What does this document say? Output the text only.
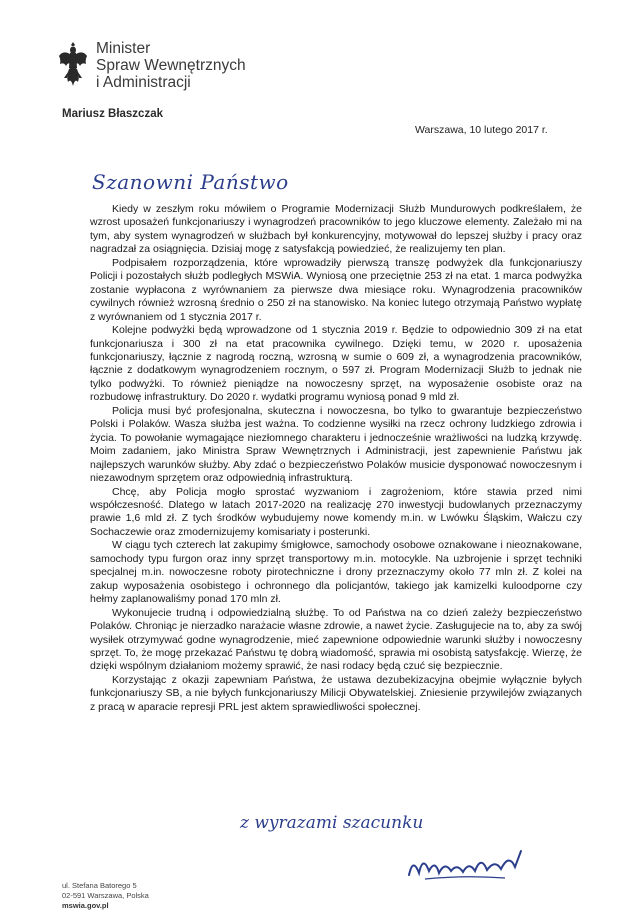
Minister
Spraw Wewnętrznych
i Administracji
Mariusz Błaszczak
Warszawa, 10 lutego 2017 r.
Szanowni Państwo

Kiedy w zeszłym roku mówiłem o Programie Modernizacji Służb Mundurowych podkreślałem, że wzrost uposażeń funkcjonariuszy i wynagrodzeń pracowników to jego kluczowe elementy. Zależało mi na tym, aby system wynagrodzeń w służbach był konkurencyjny, motywował do lepszej służby i pracy oraz nagradzał za osiągnięcia. Dzisiaj mogę z satysfakcją powiedzieć, że realizujemy ten plan.

Podpisałem rozporządzenia, które wprowadziły pierwszą transzę podwyżek dla funkcjonariuszy Policji i pozostałych służb podległych MSWiA. Wyniosą one przeciętnie 253 zł na etat. 1 marca podwyżka zostanie wypłacona z wyrównaniem za pierwsze dwa miesiące roku. Wynagrodzenia pracowników cywilnych również wzrosną średnio o 250 zł na stanowisko. Na koniec lutego otrzymają Państwo wypłatę z wyrównaniem od 1 stycznia 2017 r.

Kolejne podwyżki będą wprowadzone od 1 stycznia 2019 r. Będzie to odpowiednio 309 zł na etat funkcjonariusza i 300 zł na etat pracownika cywilnego. Dzięki temu, w 2020 r. uposażenia funkcjonariuszy, łącznie z nagrodą roczną, wzrosną w sumie o 609 zł, a wynagrodzenia pracowników, łącznie z dodatkowym wynagrodzeniem rocznym, o 597 zł. Program Modernizacji Służb to jednak nie tylko podwyżki. To również pieniądze na nowoczesny sprzęt, na wyposażenie osobiste oraz na rozbudowę infrastruktury. Do 2020 r. wydatki programu wyniosą ponad 9 mld zł.

Policja musi być profesjonalna, skuteczna i nowoczesna, bo tylko to gwarantuje bezpieczeństwo Polski i Polaków. Wasza służba jest ważna. To codzienne wysiłki na rzecz ochrony ludzkiego zdrowia i życia. To powołanie wymagające niezłomnego charakteru i jednocześnie wrażliwości na ludzką krzywdę. Moim zadaniem, jako Ministra Spraw Wewnętrznych i Administracji, jest zapewnienie Państwu jak najlepszych warunków służby. Aby zdać o bezpieczeństwo Polaków musicie dysponować nowoczesnym i niezawodnym sprzętem oraz odpowiednią infrastrukturą.

Chcę, aby Policja mogło sprostać wyzwaniom i zagrożeniom, które stawia przed nimi współczesność. Dlatego w latach 2017-2020 na realizację 270 inwestycji budowlanych przeznaczymy prawie 1,6 mld zł. Z tych środków wybudujemy nowe komendy m.in. w Lwówku Śląskim, Wałczu czy Sochaczewie oraz zmodernizujemy komisariaty i posterunki.

W ciągu tych czterech lat zakupimy śmigłowce, samochody osobowe oznakowane i nieoznakowane, samochody typu furgon oraz inny sprzęt transportowy m.in. motocykle. Na uzbrojenie i sprzęt techniki specjalnej m.in. nowoczesne roboty pirotechniczne i drony przeznaczymy około 77 mln zł. Z kolei na zakup wyposażenia osobistego i ochronnego dla policjantów, takiego jak kamizelki kuloodporne czy hełmy zaplanowaliśmy ponad 170 mln zł.

Wykonujecie trudną i odpowiedzialną służbę. To od Państwa na co dzień zależy bezpieczeństwo Polaków. Chroniąc je nierzadko narażacie własne zdrowie, a nawet życie. Zasługujecie na to, aby za swój wysiłek otrzymywać godne wynagrodzenie, mieć zapewnione odpowiednie warunki służby i nowoczesny sprzęt. To, że mogę przekazać Państwu tę dobrą wiadomość, sprawia mi osobistą satysfakcję. Wierzę, że dzięki wspólnym działaniom możemy sprawić, że nasi rodacy będą czuć się bezpiecznie.

Korzystając z okazji zapewniam Państwa, że ustawa dezubekizacyjna obejmie wyłącznie byłych funkcjonariuszy SB, a nie byłych funkcjonariuszy Milicji Obywatelskiej. Zniesienie przywilejów związanych z pracą w aparacie represji PRL jest aktem sprawiedliwości społecznej.

z wyrazami szacunku
ul. Stefana Batorego 5
02-591 Warszawa, Polska
mswia.gov.pl
